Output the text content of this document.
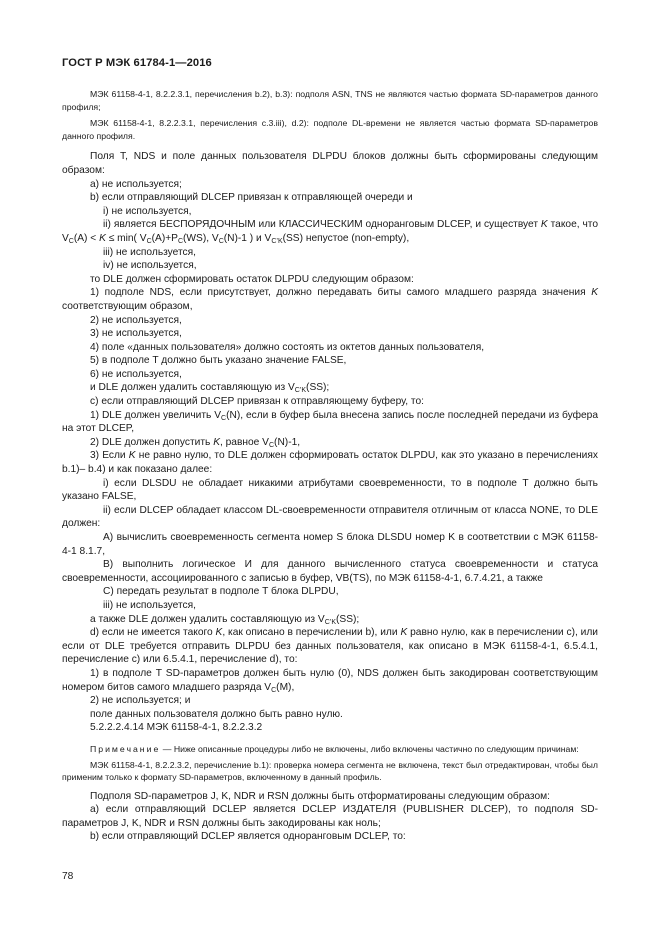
ГОСТ Р МЭК 61784-1—2016

МЭК 61158-4-1, 8.2.2.3.1, перечисления b.2), b.3): подполя ASN, TNS не являются частью формата SD-параметров данного профиля;

МЭК 61158-4-1, 8.2.2.3.1, перечисления c.3.iii), d.2): подполе DL-времени не является частью формата SD-параметров данного профиля.

Поля T, NDS и поле данных пользователя DLPDU блоков должны быть сформированы следующим образом:

a) не используется;

b) если отправляющий DLCEP привязан к отправляющей очереди и

i) не используется,

ii) является БЕСПОРЯДОЧНЫМ или КЛАССИЧЕСКИМ одноранговым DLCEP, и существует K такое, что $V_C(A) < K \le \min$( $V_C(A)+P_C(WS)$, $V_C(N)-1$ ) и $V_{C’K}(SS)$ непустое (non-empty),

iii) не используется,

iv) не используется,

то DLE должен сформировать остаток DLPDU следующим образом:

1) подполе NDS, если присутствует, должно передавать биты самого младшего разряда значения K соответствующим образом,

2) не используется,

3) не используется,

4) поле «данных пользователя» должно состоять из октетов данных пользователя,

5) в подполе T должно быть указано значение FALSE,

6) не используется,

и DLE должен удалить составляющую из $V_{C’K}(SS)$;

c) если отправляющий DLCEP привязан к отправляющему буферу, то:

1) DLE должен увеличить $V_C(N)$, если в буфер была внесена запись после последней передачи из буфера на этот DLCEP,

2) DLE должен допустить K, равное $V_C(N)-1$,

3) Если K не равно нулю, то DLE должен сформировать остаток DLPDU, как это указано в перечислениях b.1)– b.4) и как показано далее:

i) если DLSDU не обладает никакими атрибутами своевременности, то в подполе T должно быть указано FALSE,

ii) если DLCEP обладает классом DL-своевременности отправителя отличным от класса NONE, то DLE должен:

A) вычислить своевременность сегмента номер S блока DLSDU номер K в соответствии с МЭК 61158-4-1 8.1.7,

B) выполнить логическое И для данного вычисленного статуса своевременности и статуса своевременности, ассоциированного с записью в буфер, VB(TS), по МЭК 61158-4-1, 6.7.4.21, а также

C) передать результат в подполе T блока DLPDU,

iii) не используется,

а также DLE должен удалить составляющую из $V_{C’K}(SS)$;

d) если не имеется такого K, как описано в перечислении b), или K равно нулю, как в перечислении c), или если от DLE требуется отправить DLPDU без данных пользователя, как описано в МЭК 61158-4-1, 6.5.4.1, перечисление c) или 6.5.4.1, перечисление d), то:

1) в подполе T SD-параметров должен быть нулю (0), NDS должен быть закодирован соответствующим номером битов самого младшего разряда $V_C(M)$,

2) не используется; и

поле данных пользователя должно быть равно нулю.

5.2.2.2.4.14 МЭК 61158-4-1, 8.2.2.3.2

Примечание — Ниже описанные процедуры либо не включены, либо включены частично по следующим причинам:

МЭК 61158-4-1, 8.2.2.3.2, перечисление b.1): проверка номера сегмента не включена, текст был отредактирован, чтобы был применим только к формату SD-параметров, включенному в данный профиль.

Подполя SD-параметров J, K, NDR и RSN должны быть отформатированы следующим образом:

a) если отправляющий DCLEP является DCLEP ИЗДАТЕЛЯ (PUBLISHER DLCEP), то подполя SD-параметров J, K, NDR и RSN должны быть закодированы как ноль;

b) если отправляющий DCLEP является одноранговым DCLEP, то:

78
